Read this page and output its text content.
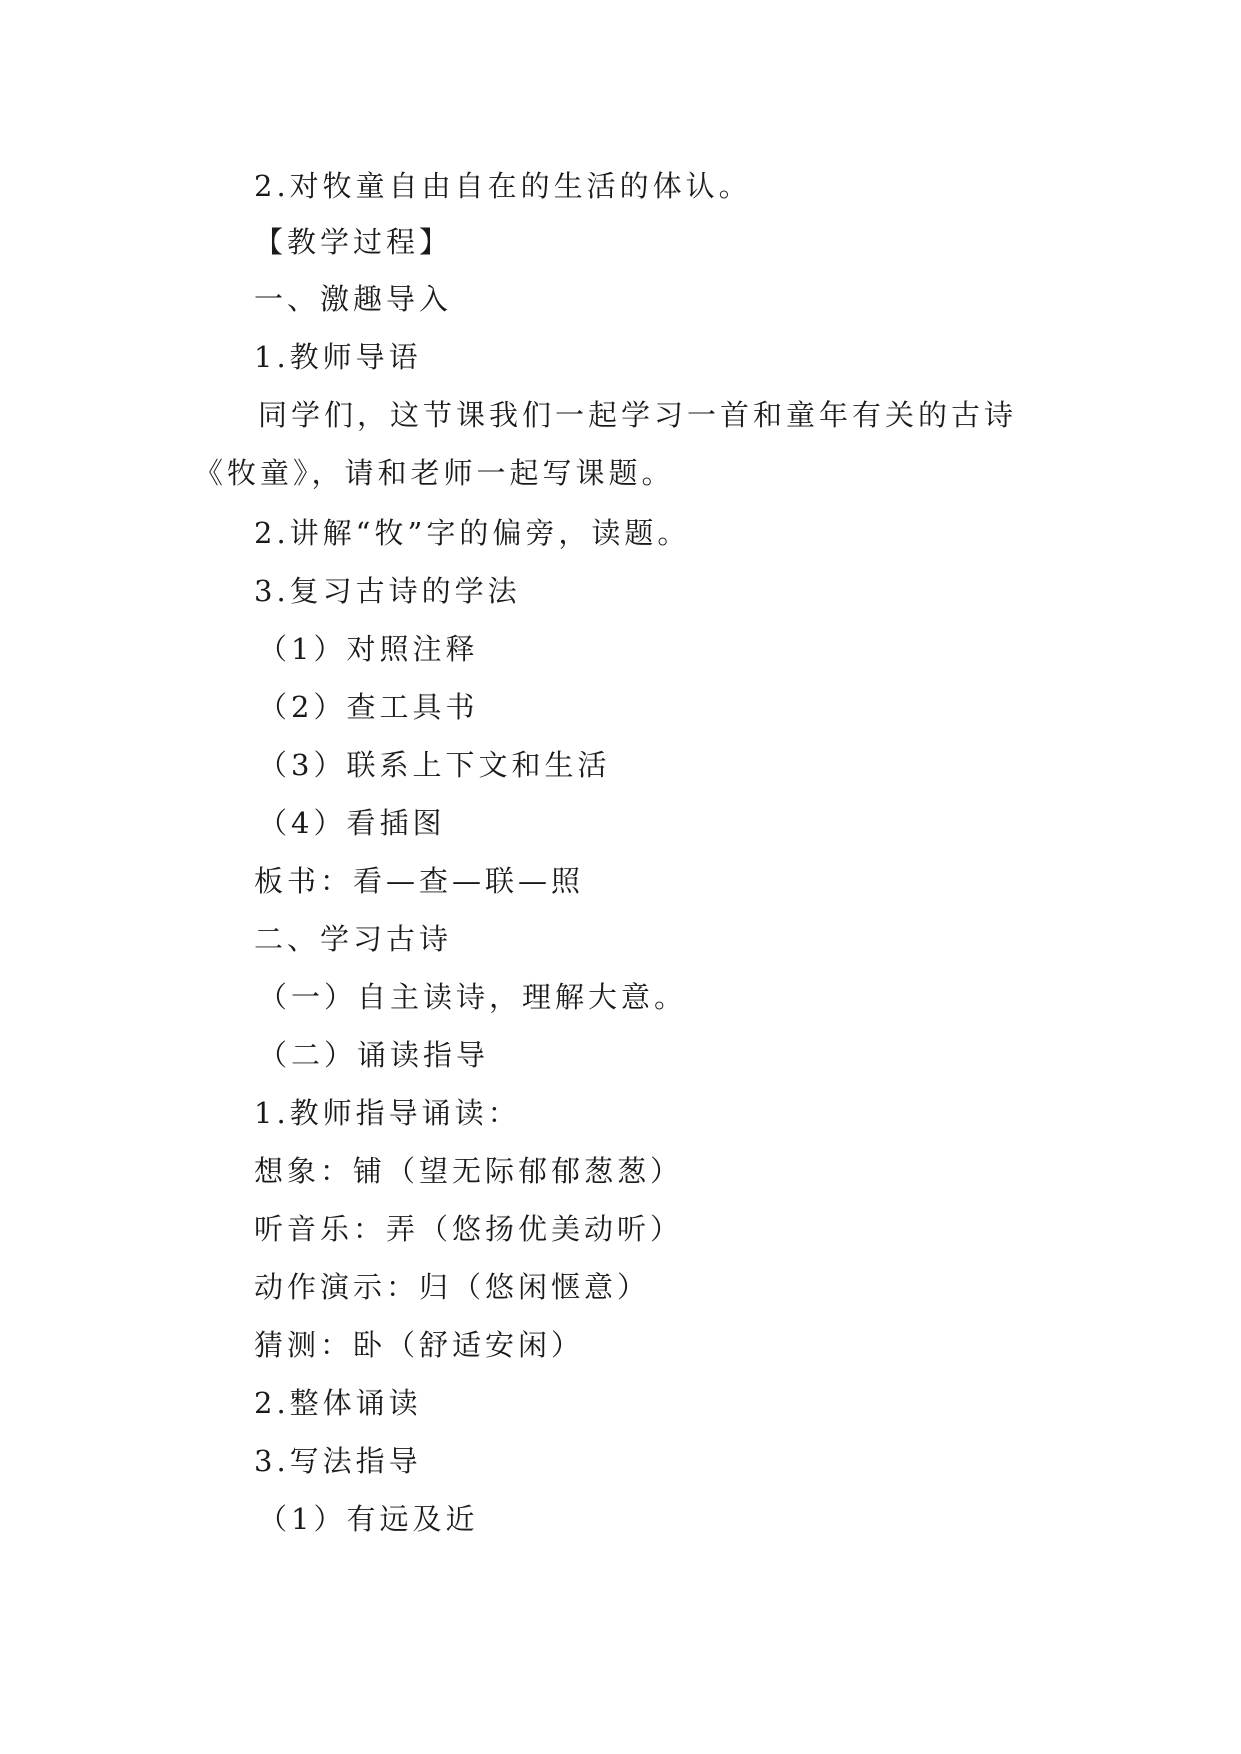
2.对牧童自由自在的生活的体认。
【教学过程】
一、激趣导入
1.教师导语
同学们，这节课我们一起学习一首和童年有关的古诗
《牧童》，请和老师一起写课题。
2.讲解“牧”字的偏旁，读题。
3.复习古诗的学法
（1）对照注释
（2）查工具书
（3）联系上下文和生活
（4）看插图
板书：看—查—联—照
二、学习古诗
（一）自主读诗，理解大意。
（二）诵读指导
1.教师指导诵读：
想象：铺（望无际郁郁葱葱）
听音乐：弄（悠扬优美动听）
动作演示：归（悠闲惬意）
猜测：卧（舒适安闲）
2.整体诵读
3.写法指导
（1）有远及近
